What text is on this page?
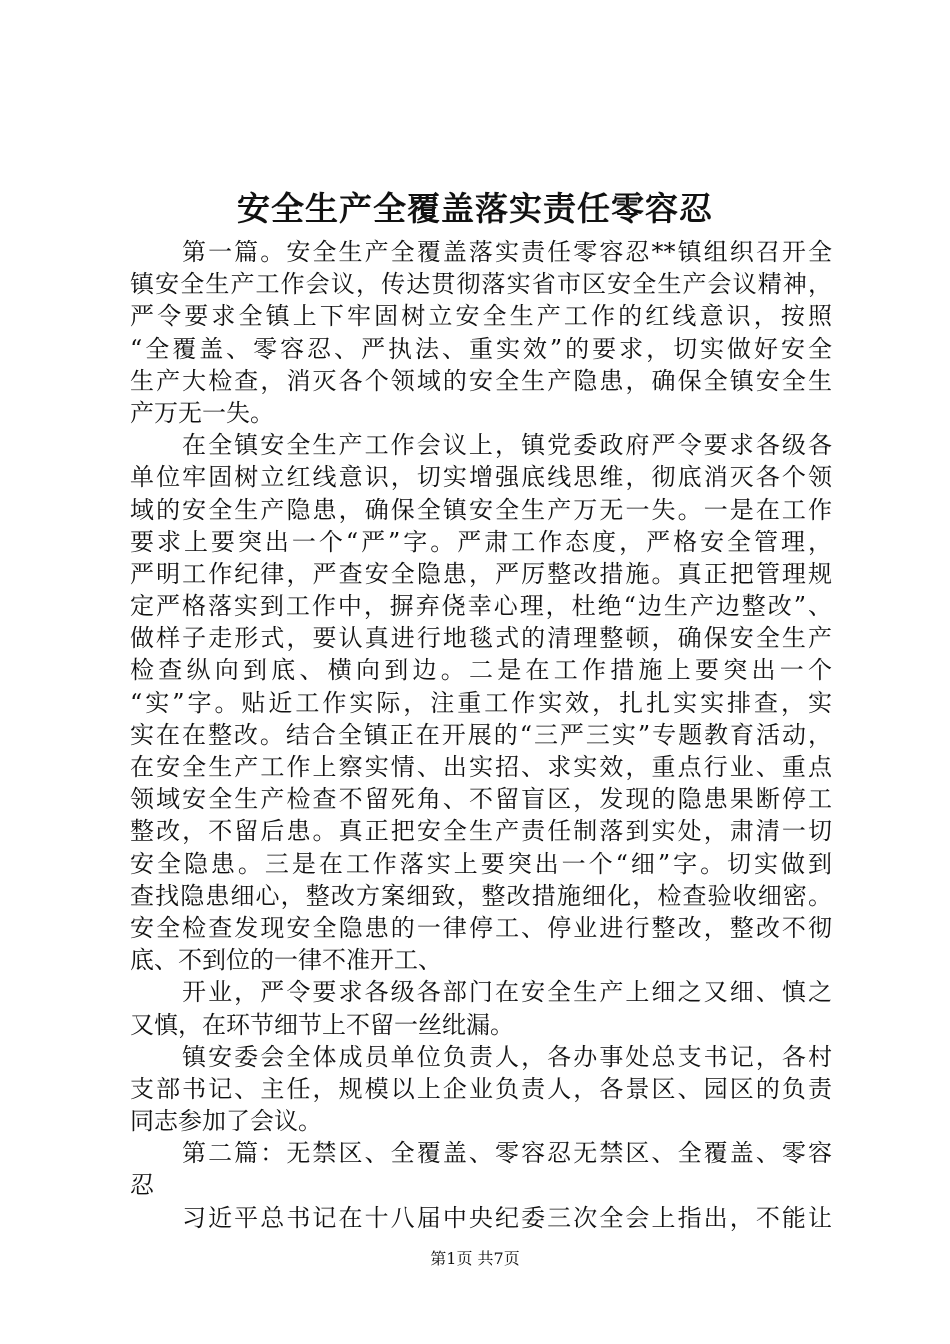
安全生产全覆盖落实责任零容忍
第一篇。安全生产全覆盖落实责任零容忍**镇组织召开全
镇安全生产工作会议，传达贯彻落实省市区安全生产会议精神，
严令要求全镇上下牢固树立安全生产工作的红线意识，按照
“全覆盖、零容忍、严执法、重实效”的要求，切实做好安全
生产大检查，消灭各个领域的安全生产隐患，确保全镇安全生
产万无一失。
在全镇安全生产工作会议上，镇党委政府严令要求各级各
单位牢固树立红线意识，切实增强底线思维，彻底消灭各个领
域的安全生产隐患，确保全镇安全生产万无一失。一是在工作
要求上要突出一个“严”字。严肃工作态度，严格安全管理，
严明工作纪律，严查安全隐患，严厉整改措施。真正把管理规
定严格落实到工作中，摒弃侥幸心理，杜绝“边生产边整改”、
做样子走形式，要认真进行地毯式的清理整顿，确保安全生产
检查纵向到底、横向到边。二是在工作措施上要突出一个
“实”字。贴近工作实际，注重工作实效，扎扎实实排查，实
实在在整改。结合全镇正在开展的“三严三实”专题教育活动，
在安全生产工作上察实情、出实招、求实效，重点行业、重点
领域安全生产检查不留死角、不留盲区，发现的隐患果断停工
整改，不留后患。真正把安全生产责任制落到实处，肃清一切
安全隐患。三是在工作落实上要突出一个“细”字。切实做到
查找隐患细心，整改方案细致，整改措施细化，检查验收细密。
安全检查发现安全隐患的一律停工、停业进行整改，整改不彻
底、不到位的一律不准开工、
开业，严令要求各级各部门在安全生产上细之又细、慎之
又慎，在环节细节上不留一丝纰漏。
镇安委会全体成员单位负责人，各办事处总支书记，各村
支部书记、主任，规模以上企业负责人，各景区、园区的负责
同志参加了会议。
第二篇：无禁区、全覆盖、零容忍无禁区、全覆盖、零容
忍
习近平总书记在十八届中央纪委三次全会上指出，不能让
第1页 共7页
